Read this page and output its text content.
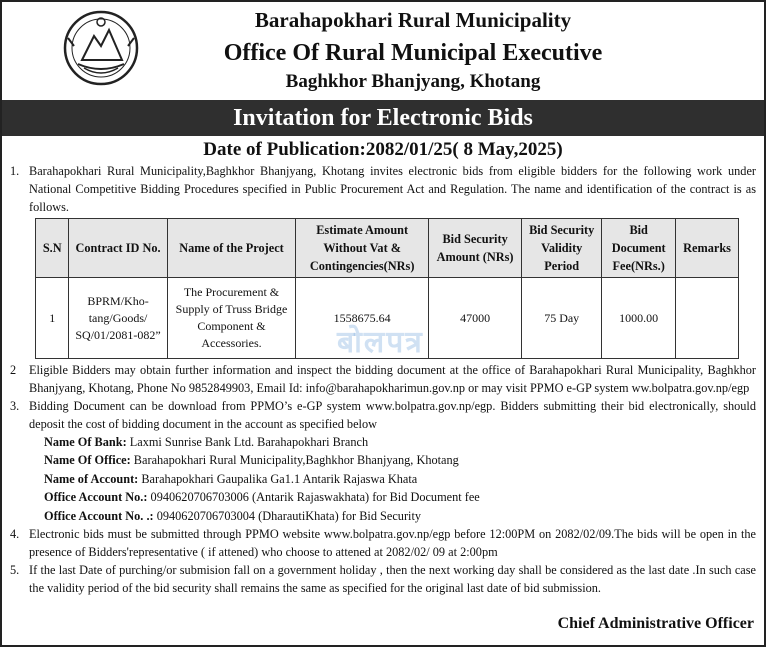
Barahapokhari Rural Municipality
Office Of Rural Municipal Executive
Baghkhor Bhanjyang, Khotang
Invitation for Electronic Bids
Date of Publication:2082/01/25( 8 May,2025)
1. Barahapokhari Rural Municipality,Baghkhor Bhanjyang, Khotang invites electronic bids from eligible bidders for the following work under National Competitive Bidding Procedures specified in Public Procurement Act and Regulation. The name and identification of the contract is as follows.
S.N	Contract ID No.	Name of the Project	Estimate Amount Without Vat & Contingencies(NRs)	Bid Security Amount (NRs)	Bid Security Validity Period	Bid Document Fee(NRs.)	Remarks
1	BPRM/Kho-tang/Goods/ SQ/01/2081-082”	The Procurement & Supply of Truss Bridge Component & Accessories.	1558675.64	47000	75 Day	1000.00	
2 Eligible Bidders may obtain further information and inspect the bidding document at the office of Barahapokhari Rural Municipality, Baghkhor Bhanjyang, Khotang, Phone No 9852849903, Email Id: info@barahapokharimun.gov.np or may visit PPMO e-GP system ww.bolpatra.gov.np/egp
3. Bidding Document can be download from PPMO’s e-GP system www.bolpatra.gov.np/egp. Bidders submitting their bid electronically, should deposit the cost of bidding document in the account as specified below
Name Of Bank: Laxmi Sunrise Bank Ltd. Barahapokhari Branch
Name Of Office: Barahapokhari Rural Municipality,Baghkhor Bhanjyang, Khotang
Name of Account: Barahapokhari Gaupalika Ga1.1 Antarik Rajaswa Khata
Office Account No.: 0940620706703006 (Antarik Rajaswakhata) for Bid Document fee
Office Account No. .: 0940620706703004 (DharautiKhata) for Bid Security
4. Electronic bids must be submitted through PPMO website www.bolpatra.gov.np/egp before 12:00PM on 2082/02/09.The bids will be open in the presence of Bidders'representative ( if attened) who choose to attened at 2082/02/ 09 at 2:00pm
5. If the last Date of purching/or submision fall on a government holiday , then the next working day shall be considered as the last date .In such case the validity period of the bid security shall remains the same as specified for the original last date of bid submission.
Chief Administrative Officer
बोलपत्र
